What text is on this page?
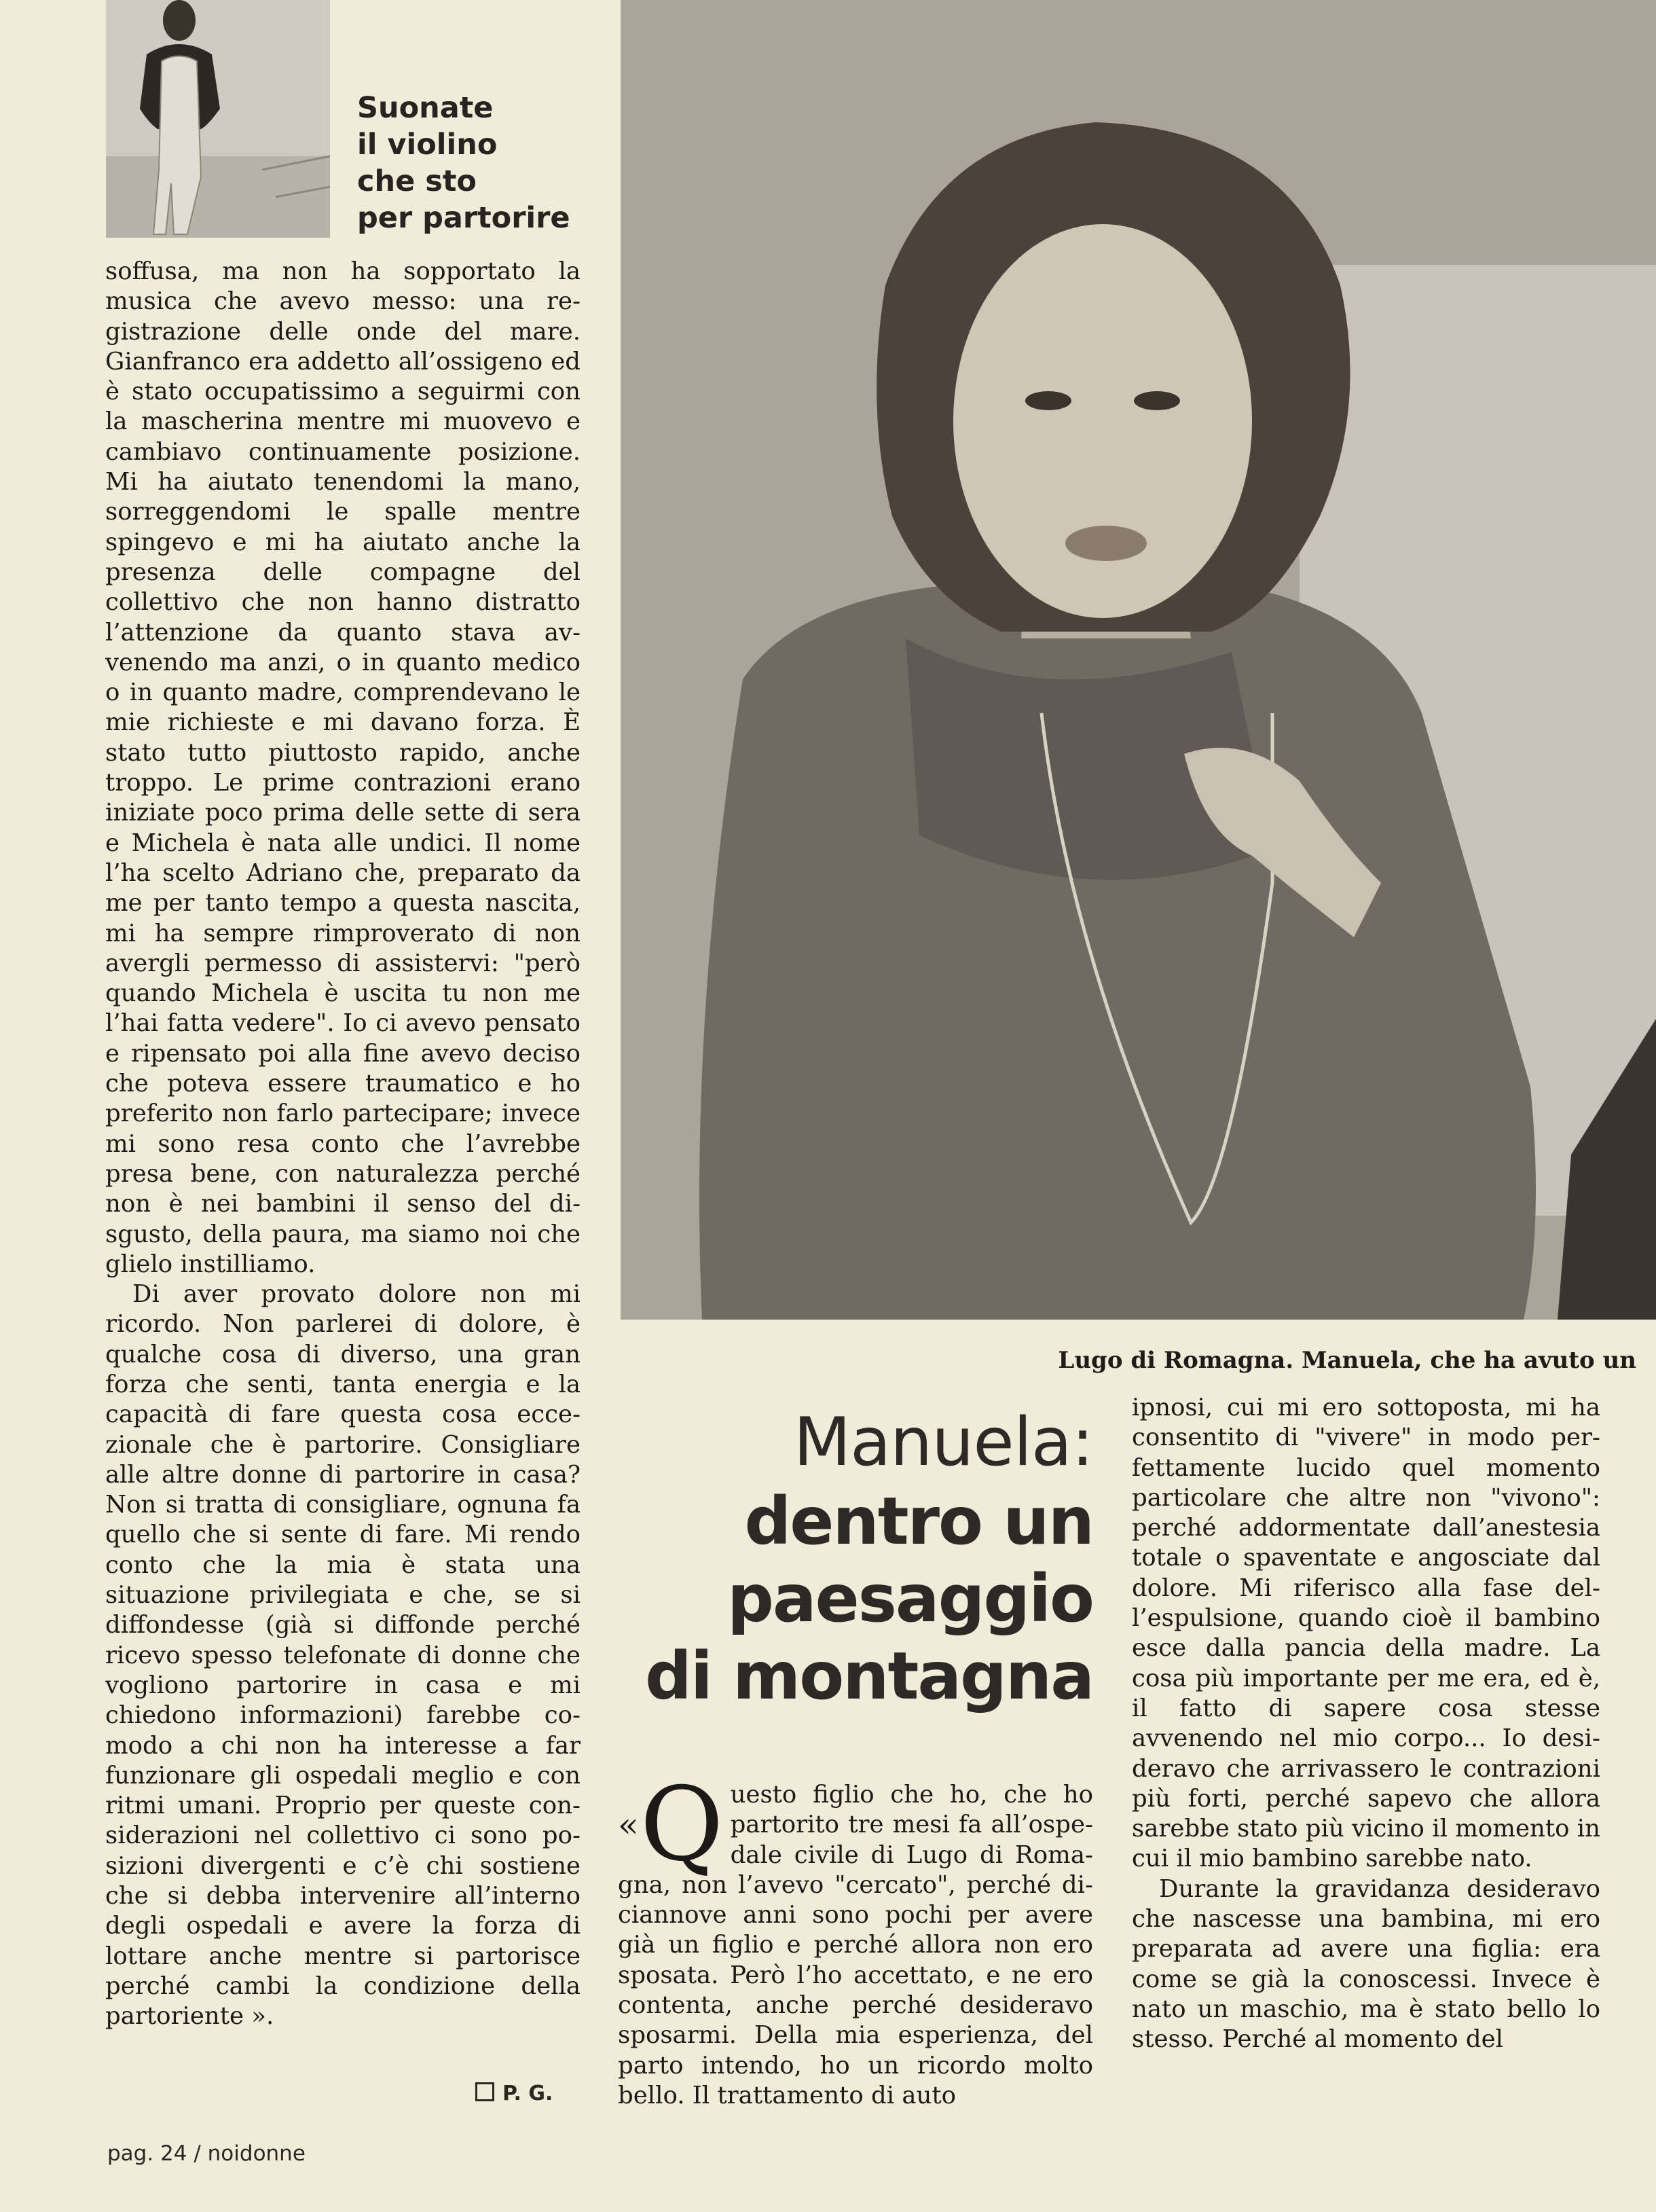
Suonate
il violino
che sto
per partorire

soffusa, ma non ha sopportato la musica che avevo messo: una registrazione delle onde del mare. Gianfranco era addetto all’ossigeno ed è stato occupatissimo a seguirmi con la mascherina mentre mi muovevo e cambiavo continuamente posizione. Mi ha aiutato tenendomi la mano, sorreggendomi le spalle mentre spingevo e mi ha aiutato anche la presenza delle compagne del collettivo che non hanno distratto l’attenzione da quanto stava avvenendo ma anzi, o in quanto medico o in quanto madre, comprendevano le mie richieste e mi davano forza. È stato tutto piuttosto rapido, anche troppo. Le prime contrazioni erano iniziate poco prima delle sette di sera e Michela è nata alle undici. Il nome l’ha scelto Adriano che, preparato da me per tanto tempo a questa nascita, mi ha sempre rimproverato di non avergli permesso di assistervi: "però quando Michela è uscita tu non me l’hai fatta vedere". Io ci avevo pensato e ripensato poi alla fine avevo deciso che poteva essere traumatico e ho preferito non farlo partecipare; invece mi sono resa conto che l’avrebbe presa bene, con naturalezza perché non è nei bambini il senso del disgusto, della paura, ma siamo noi che glielo instilliamo.

Di aver provato dolore non mi ricordo. Non parlerei di dolore, è qualche cosa di diverso, una gran forza che senti, tanta energia e la capacità di fare questa cosa eccezionale che è partorire. Consigliare alle altre donne di partorire in casa? Non si tratta di consigliare, ognuna fa quello che si sente di fare. Mi rendo conto che la mia è stata una situazione privilegiata e che, se si diffondesse (già si diffonde perché ricevo spesso telefonate di donne che vogliono partorire in casa e mi chiedono informazioni) farebbe comodo a chi non ha interesse a far funzionare gli ospedali meglio e con ritmi umani. Proprio per queste considerazioni nel collettivo ci sono posizioni divergenti e c’è chi sostiene che si debba intervenire all’interno degli ospedali e avere la forza di lottare anche mentre si partorisce perché cambi la condizione della partoriente ».

P. G.
pag. 24 / noidonne
Lugo di Romagna. Manuela, che ha avuto un
Manuela:
dentro un
paesaggio
di montagna

«Q uesto figlio che ho, che ho partorito tre mesi fa all’ospedale civile di Lugo di Romagna, non l’avevo "cercato", perché diciannove anni sono pochi per avere già un figlio e perché allora non ero sposata. Però l’ho accettato, e ne ero contenta, anche perché desideravo sposarmi. Della mia esperienza, del parto intendo, ho un ricordo molto bello. Il trattamento di auto

ipnosi, cui mi ero sottoposta, mi ha consentito di "vivere" in modo perfettamente lucido quel momento particolare che altre non "vivono": perché addormentate dall’anestesia totale o spaventate e angosciate dal dolore. Mi riferisco alla fase dell’espulsione, quando cioè il bambino esce dalla pancia della madre. La cosa più importante per me era, ed è, il fatto di sapere cosa stesse avvenendo nel mio corpo... Io desideravo che arrivassero le contrazioni più forti, perché sapevo che allora sarebbe stato più vicino il momento in cui il mio bambino sarebbe nato.

Durante la gravidanza desideravo che nascesse una bambina, mi ero preparata ad avere una figlia: era come se già la conoscessi. Invece è nato un maschio, ma è stato bello lo stesso. Perché al momento del
